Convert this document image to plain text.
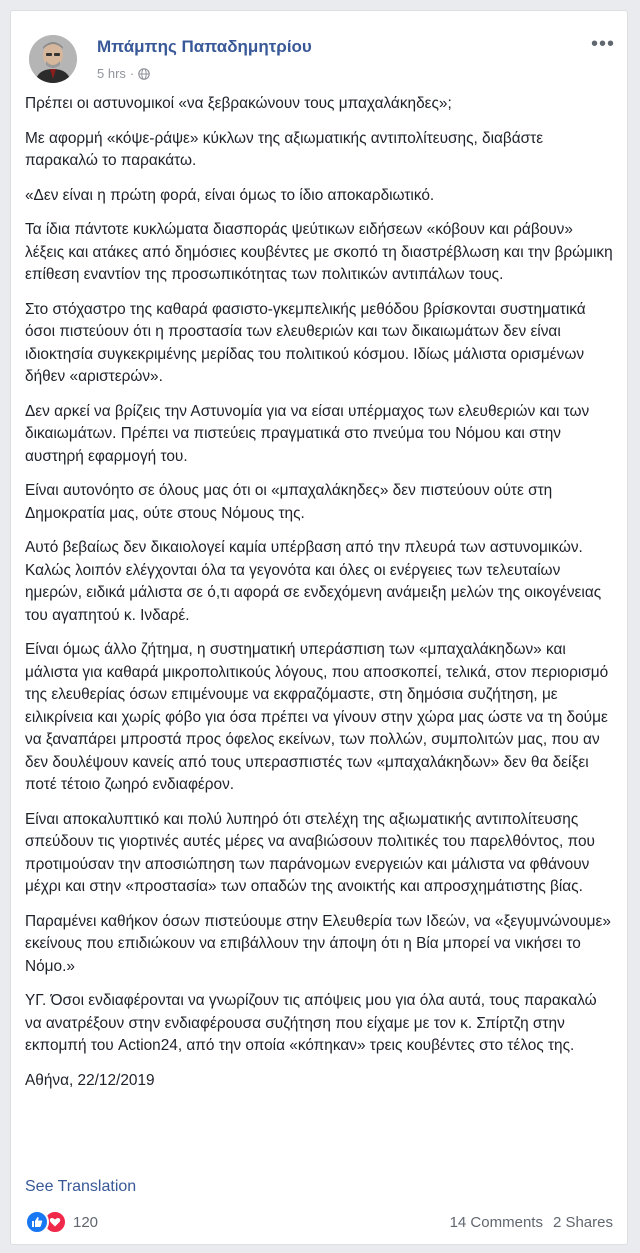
Μπάμπης Παπαδημητρίου
5 hrs ·
•••

Πρέπει οι αστυνομικοί «να ξεβρακώνουν τους μπαχαλάκηδες»;

Με αφορμή «κόψε-ράψε» κύκλων της αξιωματικής αντιπολίτευσης, διαβάστε παρακαλώ το παρακάτω.

«Δεν είναι η πρώτη φορά, είναι όμως το ίδιο αποκαρδιωτικό.

Τα ίδια πάντοτε κυκλώματα διασποράς ψεύτικων ειδήσεων «κόβουν και ράβουν» λέξεις και ατάκες από δημόσιες κουβέντες με σκοπό τη διαστρέβλωση και την βρώμικη επίθεση εναντίον της προσωπικότητας των πολιτικών αντιπάλων τους.

Στο στόχαστρο της καθαρά φασιστο-γκεμπελικής μεθόδου βρίσκονται συστηματικά όσοι πιστεύουν ότι η προστασία των ελευθεριών και των δικαιωμάτων δεν είναι ιδιοκτησία συγκεκριμένης μερίδας του πολιτικού κόσμου. Ιδίως μάλιστα ορισμένων δήθεν «αριστερών».

Δεν αρκεί να βρίζεις την Αστυνομία για να είσαι υπέρμαχος των ελευθεριών και των δικαιωμάτων. Πρέπει να πιστεύεις πραγματικά στο πνεύμα του Νόμου και στην αυστηρή εφαρμογή του.

Είναι αυτονόητο σε όλους μας ότι οι «μπαχαλάκηδες» δεν πιστεύουν ούτε στη Δημοκρατία μας, ούτε στους Νόμους της.

Αυτό βεβαίως δεν δικαιολογεί καμία υπέρβαση από την πλευρά των αστυνομικών. Καλώς λοιπόν ελέγχονται όλα τα γεγονότα και όλες οι ενέργειες των τελευταίων ημερών, ειδικά μάλιστα σε ό,τι αφορά σε ενδεχόμενη ανάμειξη μελών της οικογένειας του αγαπητού κ. Ινδαρέ.

Είναι όμως άλλο ζήτημα, η συστηματική υπεράσπιση των «μπαχαλάκηδων» και μάλιστα για καθαρά μικροπολιτικούς λόγους, που αποσκοπεί, τελικά, στον περιορισμό της ελευθερίας όσων επιμένουμε να εκφραζόμαστε, στη δημόσια συζήτηση, με ειλικρίνεια και χωρίς φόβο για όσα πρέπει να γίνουν στην χώρα μας ώστε να τη δούμε να ξαναπάρει μπροστά προς όφελος εκείνων, των πολλών, συμπολιτών μας, που αν δεν δουλέψουν κανείς από τους υπερασπιστές των «μπαχαλάκηδων» δεν θα δείξει ποτέ τέτοιο ζωηρό ενδιαφέρον.

Είναι αποκαλυπτικό και πολύ λυπηρό ότι στελέχη της αξιωματικής αντιπολίτευσης σπεύδουν τις γιορτινές αυτές μέρες να αναβιώσουν πολιτικές του παρελθόντος, που προτιμούσαν την αποσιώπηση των παράνομων ενεργειών και μάλιστα να φθάνουν μέχρι και στην «προστασία» των οπαδών της ανοικτής και απροσχημάτιστης βίας.

Παραμένει καθήκον όσων πιστεύουμε στην Ελευθερία των Ιδεών, να «ξεγυμνώνουμε» εκείνους που επιδιώκουν να επιβάλλουν την άποψη ότι η Βία μπορεί να νικήσει το Νόμο.»

ΥΓ. Όσοι ενδιαφέρονται να γνωρίζουν τις απόψεις μου για όλα αυτά, τους παρακαλώ να ανατρέξουν στην ενδιαφέρουσα συζήτηση που είχαμε με τον κ. Σπίρτζη στην εκπομπή του Action24, από την οποία «κόπηκαν» τρεις κουβέντες στο τέλος της.

Αθήνα, 22/12/2019

See Translation
120	14 Comments 2 Shares
